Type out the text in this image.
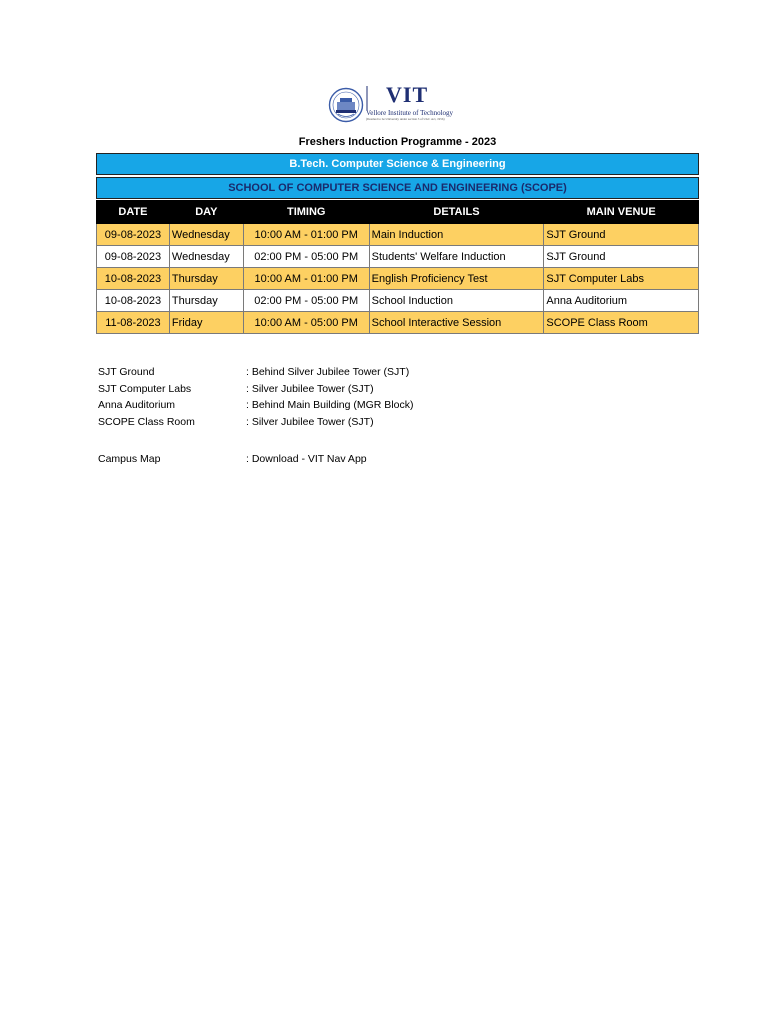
VIT
Vellore Institute of Technology
(Deemed to be University under section 3 of UGC Act, 1956)
Freshers Induction Programme - 2023
B.Tech. Computer Science & Engineering
SCHOOL OF COMPUTER SCIENCE AND ENGINEERING (SCOPE)
DATE	DAY	TIMING	DETAILS	MAIN VENUE
09-08-2023	Wednesday	10:00 AM - 01:00 PM	Main Induction	SJT Ground
09-08-2023	Wednesday	02:00 PM - 05:00 PM	Students' Welfare Induction	SJT Ground
10-08-2023	Thursday	10:00 AM - 01:00 PM	English Proficiency Test	SJT Computer Labs
10-08-2023	Thursday	02:00 PM - 05:00 PM	School Induction	Anna Auditorium
11-08-2023	Friday	10:00 AM - 05:00 PM	School Interactive Session	SCOPE Class Room
SJT Ground	: Behind Silver Jubilee Tower (SJT)
SJT Computer Labs	: Silver Jubilee Tower (SJT)
Anna Auditorium	: Behind Main Building (MGR Block)
SCOPE Class Room	: Silver Jubilee Tower (SJT)
Campus Map	: Download - VIT Nav App
